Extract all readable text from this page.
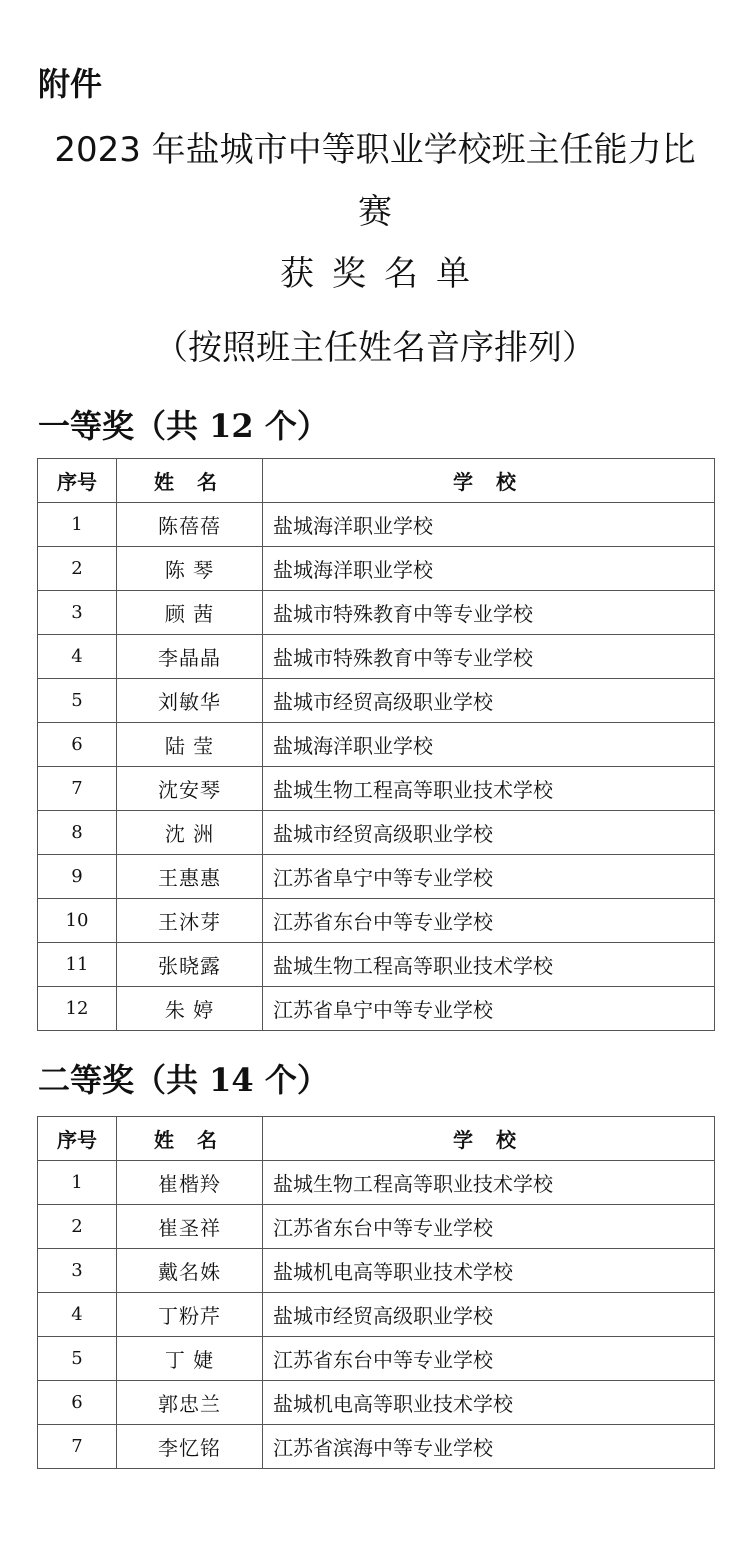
附件
2023 年盐城市中等职业学校班主任能力比
赛
获奖名单
（按照班主任姓名音序排列）
一等奖（共 12 个）
序号	姓 名	学 校
1	陈蓓蓓	盐城海洋职业学校
2	陈 琴	盐城海洋职业学校
3	顾 茜	盐城市特殊教育中等专业学校
4	李晶晶	盐城市特殊教育中等专业学校
5	刘敏华	盐城市经贸高级职业学校
6	陆 莹	盐城海洋职业学校
7	沈安琴	盐城生物工程高等职业技术学校
8	沈 洲	盐城市经贸高级职业学校
9	王惠惠	江苏省阜宁中等专业学校
10	王沐芽	江苏省东台中等专业学校
11	张晓露	盐城生物工程高等职业技术学校
12	朱 婷	江苏省阜宁中等专业学校
二等奖（共 14 个）
序号	姓 名	学 校
1	崔楷羚	盐城生物工程高等职业技术学校
2	崔圣祥	江苏省东台中等专业学校
3	戴名姝	盐城机电高等职业技术学校
4	丁粉芹	盐城市经贸高级职业学校
5	丁 婕	江苏省东台中等专业学校
6	郭忠兰	盐城机电高等职业技术学校
7	李忆铭	江苏省滨海中等专业学校
